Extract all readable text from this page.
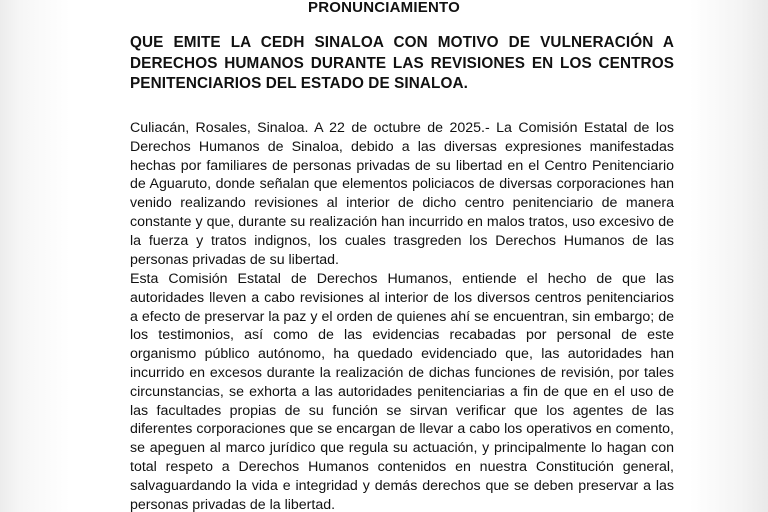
PRONUNCIAMIENTO
QUE EMITE LA CEDH SINALOA CON MOTIVO DE VULNERACIÓN A DERECHOS HUMANOS DURANTE LAS REVISIONES EN LOS CENTROS PENITENCIARIOS DEL ESTADO DE SINALOA.

Culiacán, Rosales, Sinaloa. A 22 de octubre de 2025.- La Comisión Estatal de los Derechos Humanos de Sinaloa, debido a las diversas expresiones manifestadas hechas por familiares de personas privadas de su libertad en el Centro Penitenciario de Aguaruto, donde señalan que elementos policiacos de diversas corporaciones han venido realizando revisiones al interior de dicho centro penitenciario de manera constante y que, durante su realización han incurrido en malos tratos, uso excesivo de la fuerza y tratos indignos, los cuales trasgreden los Derechos Humanos de las personas privadas de su libertad.

Esta Comisión Estatal de Derechos Humanos, entiende el hecho de que las autoridades lleven a cabo revisiones al interior de los diversos centros penitenciarios a efecto de preservar la paz y el orden de quienes ahí se encuentran, sin embargo; de los testimonios, así como de las evidencias recabadas por personal de este organismo público autónomo, ha quedado evidenciado que, las autoridades han incurrido en excesos durante la realización de dichas funciones de revisión, por tales circunstancias, se exhorta a las autoridades penitenciarias a fin de que en el uso de las facultades propias de su función se sirvan verificar que los agentes de las diferentes corporaciones que se encargan de llevar a cabo los operativos en comento, se apeguen al marco jurídico que regula su actuación, y principalmente lo hagan con total respeto a Derechos Humanos contenidos en nuestra Constitución general, salvaguardando la vida e integridad y demás derechos que se deben preservar a las personas privadas de la libertad.
